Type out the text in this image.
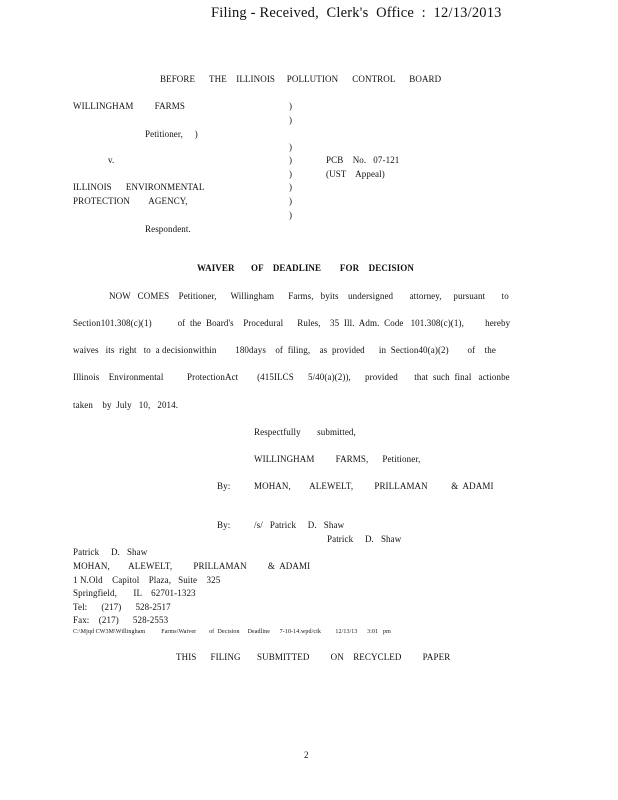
Filing - Received,  Clerk's  Office  :  12/13/2013
BEFORE      THE    ILLINOIS     POLLUTION      CONTROL      BOARD
WILLINGHAM         FARMS
Petitioner,     )
v.
ILLINOIS      ENVIRONMENTAL
PROTECTION        AGENCY,
Respondent.
)
)
)
)
)
)
)
)
PCB    No.   07-121
(UST    Appeal)
WAIVER       OF    DEADLINE        FOR    DECISION
NOW   COMES    Petitioner,      Willingham      Farms,   byits    undersigned       attorney,     pursuant       to
Section101.308(c)(1)           of  the  Board's    Procedural      Rules,    35  Ill.  Adm.  Code   101.308(c)(1),         hereby
waives   its  right   to  a decisionwithin        180days    of  filing,    as  provided      in  Section40(a)(2)        of    the
Illinois    Environmental          ProtectionAct        (415ILCS      5/40(a)(2)),      provided       that  such  final   actionbe
taken    by  July   10,   2014.
Respectfully       submitted,
WILLINGHAM         FARMS,      Petitioner,
By:	MOHAN,        ALEWELT,         PRILLAMAN          &  ADAMI
By:	/s/   Patrick     D.   Shaw
Patrick     D.   Shaw
Patrick     D.   Shaw
MOHAN,        ALEWELT,         PRILLAMAN         &  ADAMI
1 N.Old    Capitol    Plaza,   Suite    325
Springfield,       IL    62701-1323
Tel:      (217)      528-2517
Fax:    (217)      528-2553
C:\Mjqd CW3M\Willingham          Farms\Waiver        of  Decision     Deadline      7-10-14.wpd/cik         12/13/13      3:01   pm
THIS      FILING       SUBMITTED         ON    RECYCLED         PAPER
2
